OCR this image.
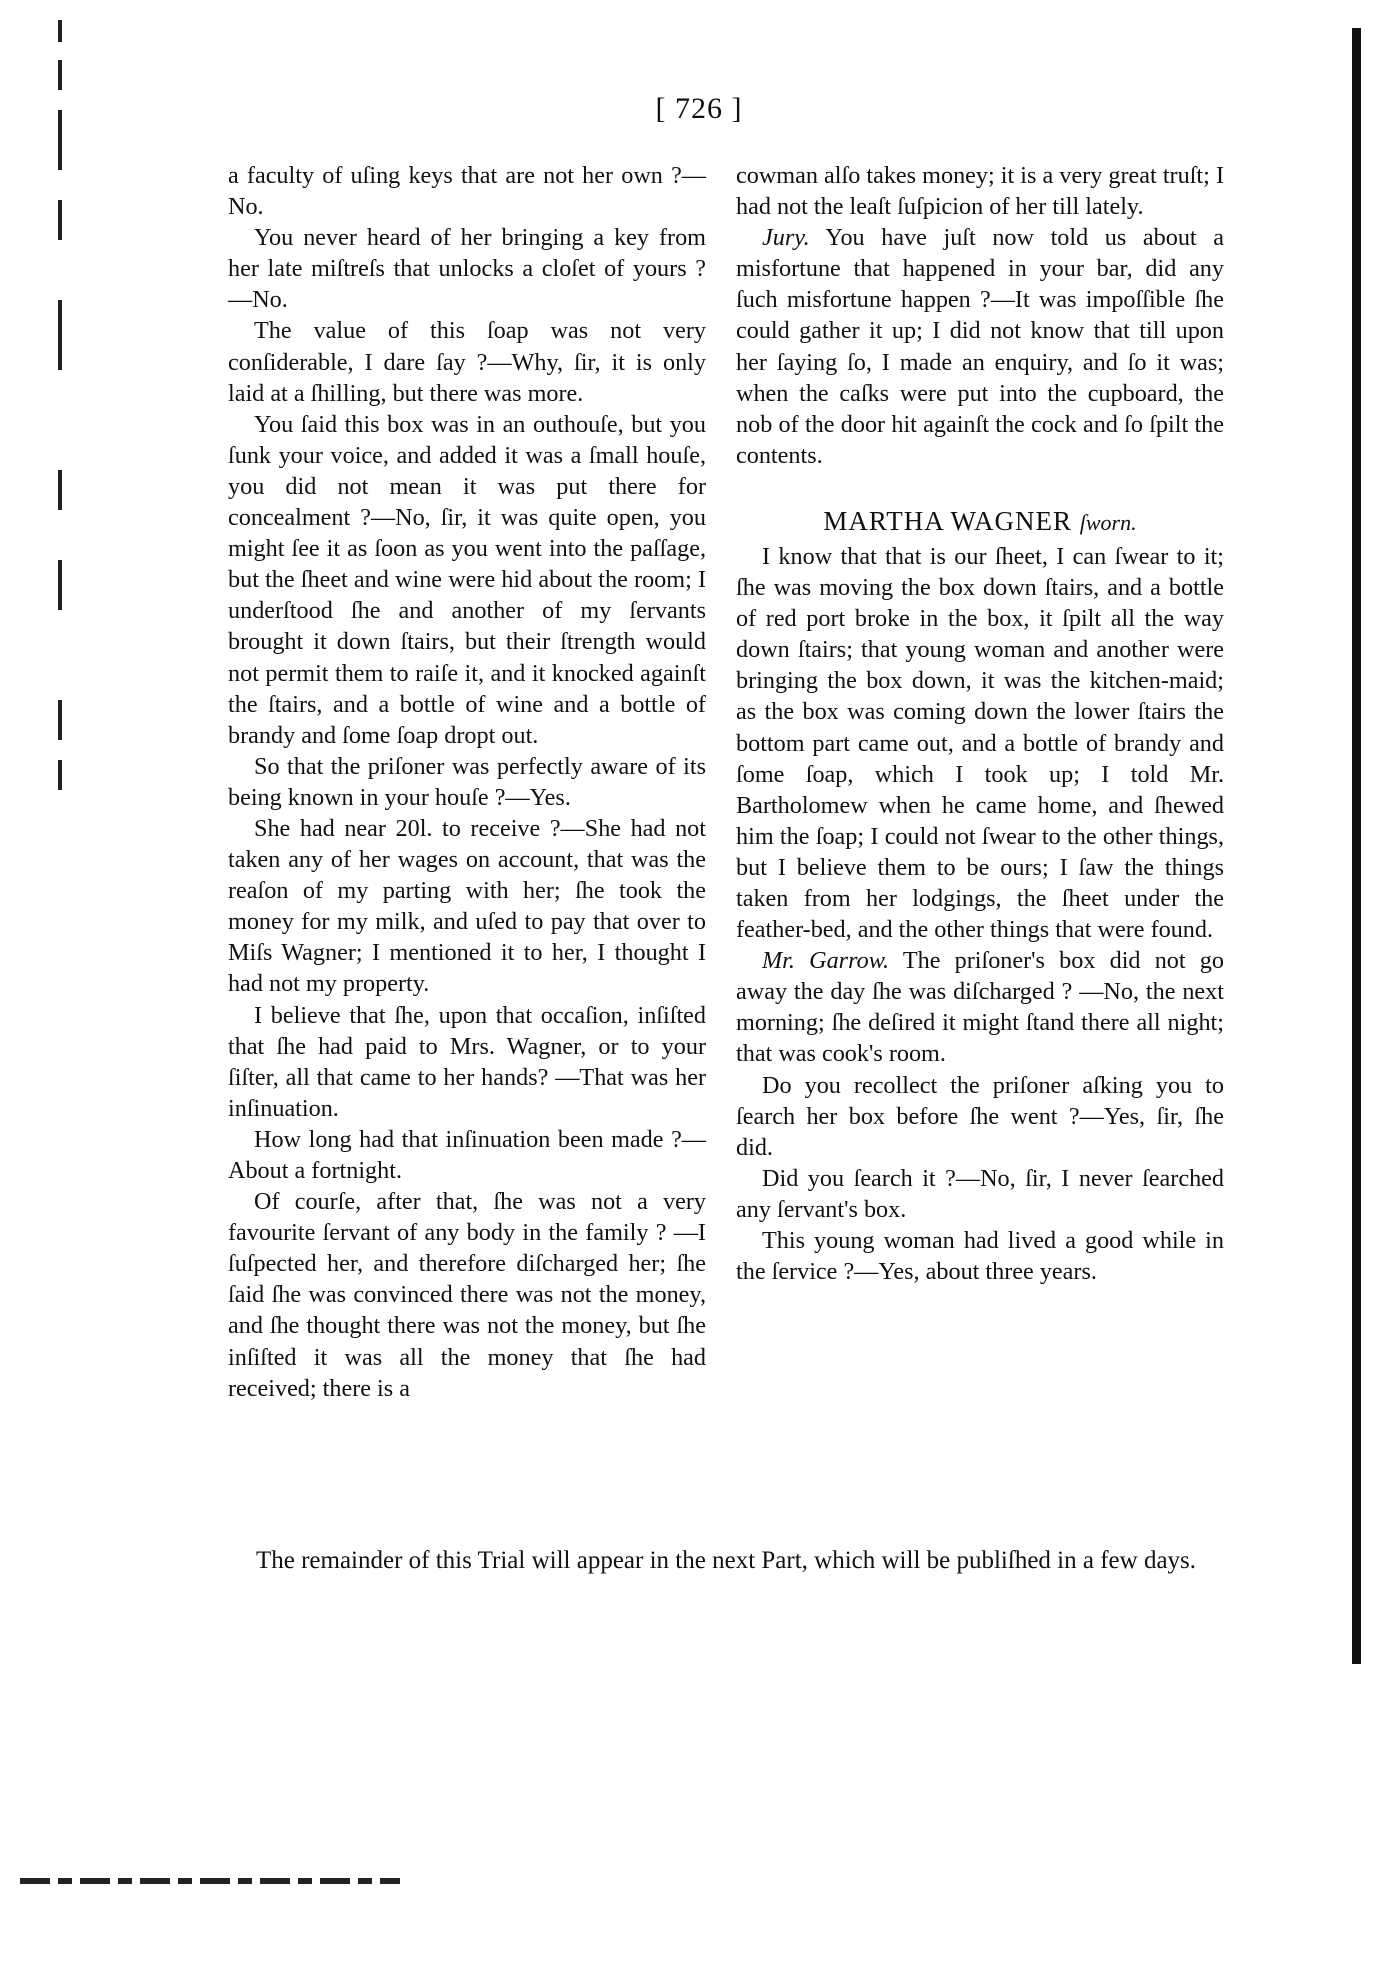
[ 726 ]

a faculty of uſing keys that are not her own ?—No.

You never heard of her bringing a key from her late miſtreſs that unlocks a cloſet of yours ?—No.

The value of this ſoap was not very conſiderable, I dare ſay ?—Why, ſir, it is only laid at a ſhilling, but there was more.

You ſaid this box was in an outhouſe, but you ſunk your voice, and added it was a ſmall houſe, you did not mean it was put there for concealment ?—No, ſir, it was quite open, you might ſee it as ſoon as you went into the paſſage, but the ſheet and wine were hid about the room; I underſtood ſhe and another of my ſervants brought it down ſtairs, but their ſtrength would not permit them to raiſe it, and it knocked againſt the ſtairs, and a bottle of wine and a bottle of brandy and ſome ſoap dropt out.

So that the priſoner was perfectly aware of its being known in your houſe ?—Yes.

She had near 20l. to receive ?—She had not taken any of her wages on account, that was the reaſon of my parting with her; ſhe took the money for my milk, and uſed to pay that over to Miſs Wagner; I mentioned it to her, I thought I had not my property.

I believe that ſhe, upon that occaſion, inſiſted that ſhe had paid to Mrs. Wagner, or to your ſiſter, all that came to her hands? —That was her inſinuation.

How long had that inſinuation been made ?—About a fortnight.

Of courſe, after that, ſhe was not a very favourite ſervant of any body in the family ? —I ſuſpected her, and therefore diſcharged her; ſhe ſaid ſhe was convinced there was not the money, and ſhe thought there was not the money, but ſhe inſiſted it was all the money that ſhe had received; there is a

cowman alſo takes money; it is a very great truſt; I had not the leaſt ſuſpicion of her till lately.

Jury. You have juſt now told us about a misfortune that happened in your bar, did any ſuch misfortune happen ?—It was impoſſible ſhe could gather it up; I did not know that till upon her ſaying ſo, I made an enquiry, and ſo it was; when the caſks were put into the cupboard, the nob of the door hit againſt the cock and ſo ſpilt the contents.

MARTHA WAGNER ſworn.

I know that that is our ſheet, I can ſwear to it; ſhe was moving the box down ſtairs, and a bottle of red port broke in the box, it ſpilt all the way down ſtairs; that young woman and another were bringing the box down, it was the kitchen-maid; as the box was coming down the lower ſtairs the bottom part came out, and a bottle of brandy and ſome ſoap, which I took up; I told Mr. Bartholomew when he came home, and ſhewed him the ſoap; I could not ſwear to the other things, but I believe them to be ours; I ſaw the things taken from her lodgings, the ſheet under the feather-bed, and the other things that were found.

Mr. Garrow. The priſoner's box did not go away the day ſhe was diſcharged ? —No, the next morning; ſhe deſired it might ſtand there all night; that was cook's room.

Do you recollect the priſoner aſking you to ſearch her box before ſhe went ?—Yes, ſir, ſhe did.

Did you ſearch it ?—No, ſir, I never ſearched any ſervant's box.

This young woman had lived a good while in the ſervice ?—Yes, about three years.

The remainder of this Trial will appear in the next Part, which will be publiſhed in a few days.
